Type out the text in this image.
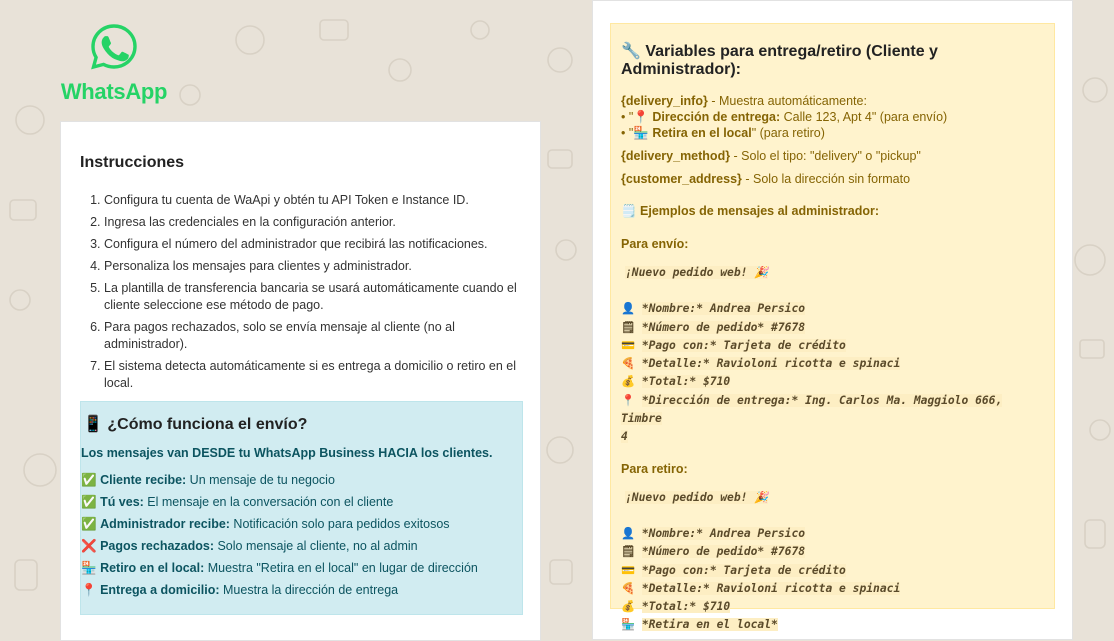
WhatsApp
Instrucciones
1. Configura tu cuenta de WaApi y obtén tu API Token e Instance ID.
2. Ingresa las credenciales en la configuración anterior.
3. Configura el número del administrador que recibirá las notificaciones.
4. Personaliza los mensajes para clientes y administrador.
5. La plantilla de transferencia bancaria se usará automáticamente cuando el cliente seleccione ese método de pago.
6. Para pagos rechazados, solo se envía mensaje al cliente (no al administrador).
7. El sistema detecta automáticamente si es entrega a domicilio o retiro en el local.
📱 ¿Cómo funciona el envío?

Los mensajes van DESDE tu WhatsApp Business HACIA los clientes.

✅ Cliente recibe: Un mensaje de tu negocio
✅ Tú ves: El mensaje en la conversación con el cliente
✅ Administrador recibe: Notificación solo para pedidos exitosos
❌ Pagos rechazados: Solo mensaje al cliente, no al admin
🏪 Retiro en el local: Muestra "Retira en el local" en lugar de dirección
📍 Entrega a domicilio: Muestra la dirección de entrega
🔧 Variables para entrega/retiro (Cliente y Administrador):

{delivery_info} - Muestra automáticamente:

• "📍 Dirección de entrega: Calle 123, Apt 4" (para envío)

• "🏪 Retira en el local" (para retiro)

{delivery_method} - Solo el tipo: "delivery" o "pickup"

{customer_address} - Solo la dirección sin formato

🗒️ Ejemplos de mensajes al administrador:

Para envío:

¡Nuevo pedido web! 🎉
👤 *Nombre:* Andrea Persico
🗒 *Número de pedido* #7678
💳 *Pago con:* Tarjeta de crédito
🍕 *Detalle:* Ravioloni ricotta e spinaci
💰 *Total:* $710
📍 *Dirección de entrega:* Ing. Carlos Ma. Maggiolo 666, Timbre
4

Para retiro:

¡Nuevo pedido web! 🎉
👤 *Nombre:* Andrea Persico
🗒 *Número de pedido* #7678
💳 *Pago con:* Tarjeta de crédito
🍕 *Detalle:* Ravioloni ricotta e spinaci
💰 *Total:* $710
🏪 *Retira en el local*
